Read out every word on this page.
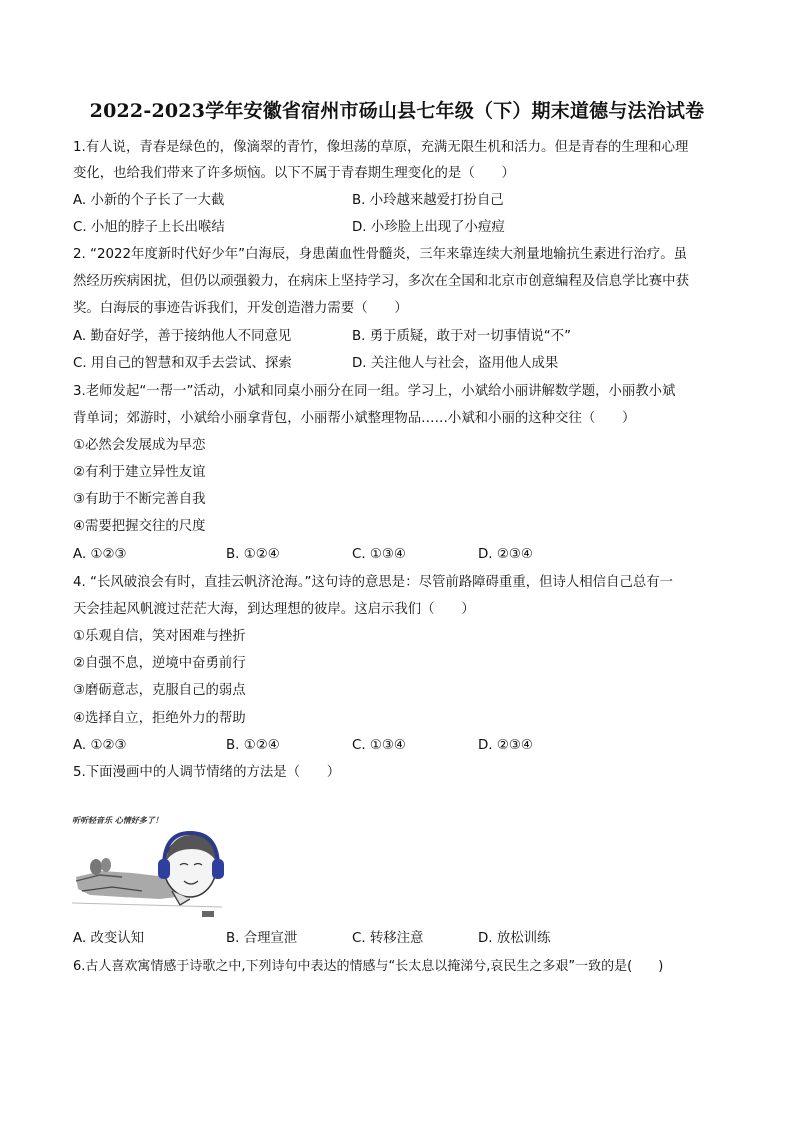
2022-2023学年安徽省宿州市砀山县七年级（下）期末道德与法治试卷
1.有人说，青春是绿色的，像滴翠的青竹，像坦荡的草原，充满无限生机和活力。但是青春的生理和心理
变化，也给我们带来了许多烦恼。以下不属于青春期生理变化的是（　　）
A. 小新的个子长了一大截	B. 小玲越来越爱打扮自己
C. 小旭的脖子上长出喉结	D. 小珍脸上出现了小痘痘
2. “2022年度新时代好少年”白海辰，身患菌血性骨髓炎，三年来靠连续大剂量地输抗生素进行治疗。虽
然经历疾病困扰，但仍以顽强毅力，在病床上坚持学习，多次在全国和北京市创意编程及信息学比赛中获
奖。白海辰的事迹告诉我们，开发创造潜力需要（　　）
A. 勤奋好学，善于接纳他人不同意见	B. 勇于质疑，敢于对一切事情说“不”
C. 用自己的智慧和双手去尝试、探索	D. 关注他人与社会，盗用他人成果
3.老师发起“一帮一”活动，小斌和同桌小丽分在同一组。学习上，小斌给小丽讲解数学题，小丽教小斌
背单词；郊游时，小斌给小丽拿背包，小丽帮小斌整理物品……小斌和小丽的这种交往（　　）
①必然会发展成为早恋
②有利于建立异性友谊
③有助于不断完善自我
④需要把握交往的尺度
A. ①②③	B. ①②④	C. ①③④	D. ②③④
4. “长风破浪会有时，直挂云帆济沧海。”这句诗的意思是：尽管前路障碍重重，但诗人相信自己总有一
天会挂起风帆渡过茫茫大海，到达理想的彼岸。这启示我们（　　）
①乐观自信，笑对困难与挫折
②自强不息，逆境中奋勇前行
③磨砺意志，克服自己的弱点
④选择自立，拒绝外力的帮助
A. ①②③	B. ①②④	C. ①③④	D. ②③④
5.下面漫画中的人调节情绪的方法是（　　）
听听轻音乐 心情好多了！
A. 改变认知	B. 合理宣泄	C. 转移注意	D. 放松训练
6.古人喜欢寓情感于诗歌之中,下列诗句中表达的情感与“长太息以掩涕兮,哀民生之多艰”一致的是(　　)
